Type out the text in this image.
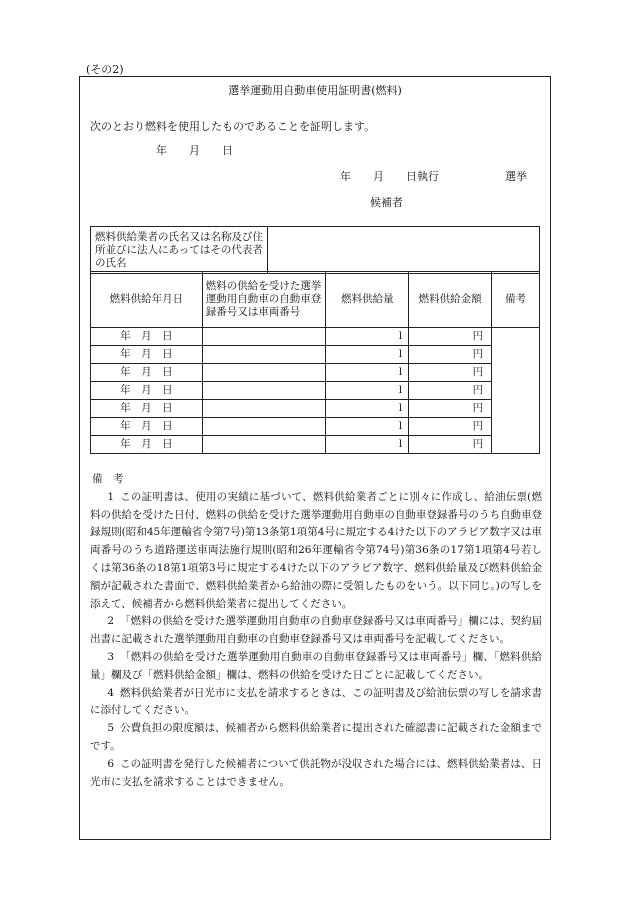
(その2)
選挙運動用自動車使用証明書(燃料)
次のとおり燃料を使用したものであることを証明します。
年　　月　　日
年　　月　　日執行　　　　　　選挙
候補者
燃料供給業者の氏名又は名称及び住所並びに法人にあってはその代表者の氏名	
燃料供給年月日	燃料の供給を受けた選挙運動用自動車の自動車登録番号又は車両番号	燃料供給量	燃料供給金額	備考
年　月　日		l	円	
年　月　日		l	円	
年　月　日		l	円	
年　月　日		l	円	
年　月　日		l	円	
年　月　日		l	円	
年　月　日		l	円	
備　考

1 この証明書は、使用の実績に基づいて、燃料供給業者ごとに別々に作成し、給油伝票(燃料の供給を受けた日付、燃料の供給を受けた選挙運動用自動車の自動車登録番号のうち自動車登録規則(昭和45年運輸省令第7号)第13条第1項第4号に規定する4けた以下のアラビア数字又は車両番号のうち道路運送車両法施行規則(昭和26年運輸省令第74号)第36条の17第1項第4号若しくは第36条の18第1項第3号に規定する4けた以下のアラビア数字、燃料供給量及び燃料供給金額が記載された書面で、燃料供給業者から給油の際に受領したものをいう。以下同じ。)の写しを添えて、候補者から燃料供給業者に提出してください。

2 「燃料の供給を受けた選挙運動用自動車の自動車登録番号又は車両番号」欄には、契約届出書に記載された選挙運動用自動車の自動車登録番号又は車両番号を記載してください。

3 「燃料の供給を受けた選挙運動用自動車の自動車登録番号又は車両番号」欄、「燃料供給量」欄及び「燃料供給金額」欄は、燃料の供給を受けた日ごとに記載してください。

4 燃料供給業者が日光市に支払を請求するときは、この証明書及び給油伝票の写しを請求書に添付してください。

5 公費負担の限度額は、候補者から燃料供給業者に提出された確認書に記載された金額までです。

6 この証明書を発行した候補者について供託物が没収された場合には、燃料供給業者は、日光市に支払を請求することはできません。
